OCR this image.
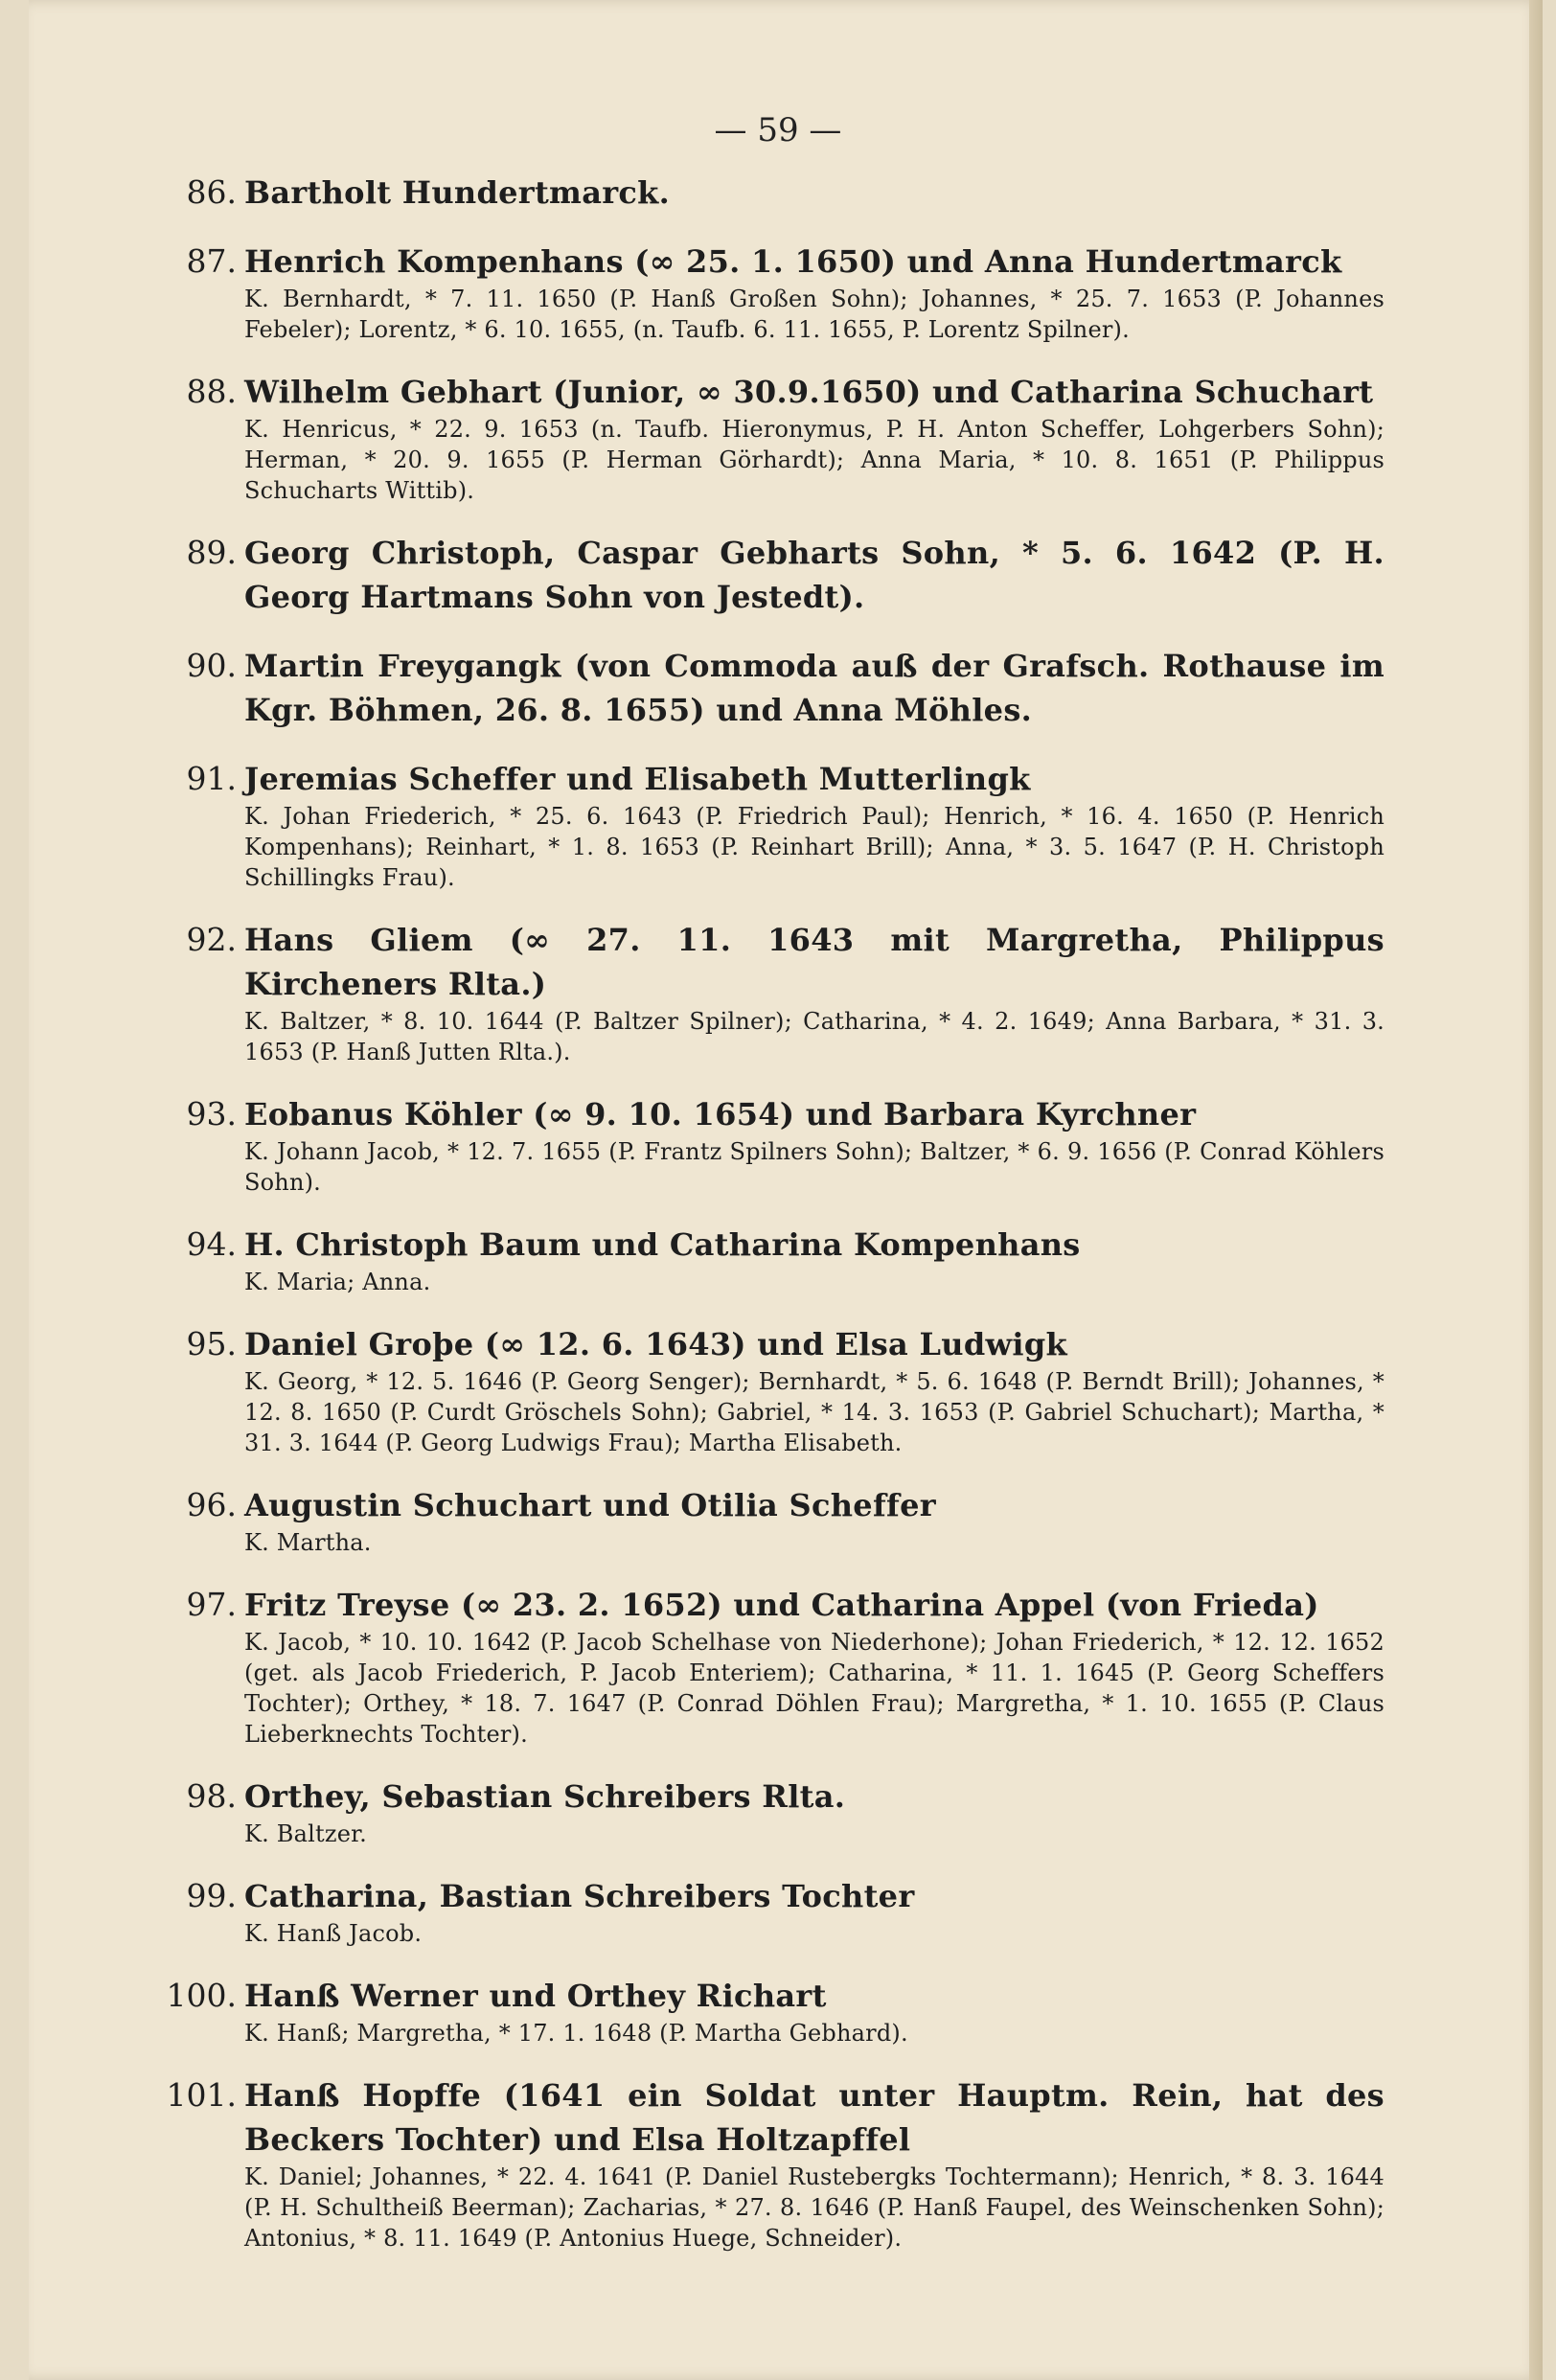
— 59 —
86. Bartholt Hundertmarck.
87. Henrich Kompenhans (∞ 25. 1. 1650) und Anna Hundertmarck
K. Bernhardt, * 7. 11. 1650 (P. Hanß Großen Sohn); Johannes, * 25. 7. 1653 (P. Johannes Febeler); Lorentz, * 6. 10. 1655, (n. Taufb. 6. 11. 1655, P. Lorentz Spilner).
88. Wilhelm Gebhart (Junior, ∞ 30.9.1650) und Catharina Schuchart
K. Henricus, * 22. 9. 1653 (n. Taufb. Hieronymus, P. H. Anton Scheffer, Lohgerbers Sohn); Herman, * 20. 9. 1655 (P. Herman Görhardt); Anna Maria, * 10. 8. 1651 (P. Philippus Schucharts Wittib).
89. Georg Christoph, Caspar Gebharts Sohn, * 5. 6. 1642 (P. H. Georg Hartmans Sohn von Jestedt).
90. Martin Freygangk (von Commoda auß der Grafsch. Rothause im Kgr. Böhmen, 26. 8. 1655) und Anna Möhles.
91. Jeremias Scheffer und Elisabeth Mutterlingk
K. Johan Friederich, * 25. 6. 1643 (P. Friedrich Paul); Henrich, * 16. 4. 1650 (P. Henrich Kompenhans); Reinhart, * 1. 8. 1653 (P. Reinhart Brill); Anna, * 3. 5. 1647 (P. H. Christoph Schillingks Frau).
92. Hans Gliem (∞ 27. 11. 1643 mit Margretha, Philippus Kircheners Rlta.)
K. Baltzer, * 8. 10. 1644 (P. Baltzer Spilner); Catharina, * 4. 2. 1649; Anna Barbara, * 31. 3. 1653 (P. Hanß Jutten Rlta.).
93. Eobanus Köhler (∞ 9. 10. 1654) und Barbara Kyrchner
K. Johann Jacob, * 12. 7. 1655 (P. Frantz Spilners Sohn); Baltzer, * 6. 9. 1656 (P. Conrad Köhlers Sohn).
94. H. Christoph Baum und Catharina Kompenhans
K. Maria; Anna.
95. Daniel Groþe (∞ 12. 6. 1643) und Elsa Ludwigk
K. Georg, * 12. 5. 1646 (P. Georg Senger); Bernhardt, * 5. 6. 1648 (P. Berndt Brill); Johannes, * 12. 8. 1650 (P. Curdt Gröschels Sohn); Gabriel, * 14. 3. 1653 (P. Gabriel Schuchart); Martha, * 31. 3. 1644 (P. Georg Ludwigs Frau); Martha Elisabeth.
96. Augustin Schuchart und Otilia Scheffer
K. Martha.
97. Fritz Treyse (∞ 23. 2. 1652) und Catharina Appel (von Frieda)
K. Jacob, * 10. 10. 1642 (P. Jacob Schelhase von Niederhone); Johan Friederich, * 12. 12. 1652 (get. als Jacob Friederich, P. Jacob Enteriem); Catharina, * 11. 1. 1645 (P. Georg Scheffers Tochter); Orthey, * 18. 7. 1647 (P. Conrad Döhlen Frau); Margretha, * 1. 10. 1655 (P. Claus Lieberknechts Tochter).
98. Orthey, Sebastian Schreibers Rlta.
K. Baltzer.
99. Catharina, Bastian Schreibers Tochter
K. Hanß Jacob.
100. Hanß Werner und Orthey Richart
K. Hanß; Margretha, * 17. 1. 1648 (P. Martha Gebhard).
101. Hanß Hopffe (1641 ein Soldat unter Hauptm. Rein, hat des Beckers Tochter) und Elsa Holtzapffel
K. Daniel; Johannes, * 22. 4. 1641 (P. Daniel Rustebergks Tochtermann); Henrich, * 8. 3. 1644 (P. H. Schultheiß Beerman); Zacharias, * 27. 8. 1646 (P. Hanß Faupel, des Weinschenken Sohn); Antonius, * 8. 11. 1649 (P. Antonius Huege, Schneider).
